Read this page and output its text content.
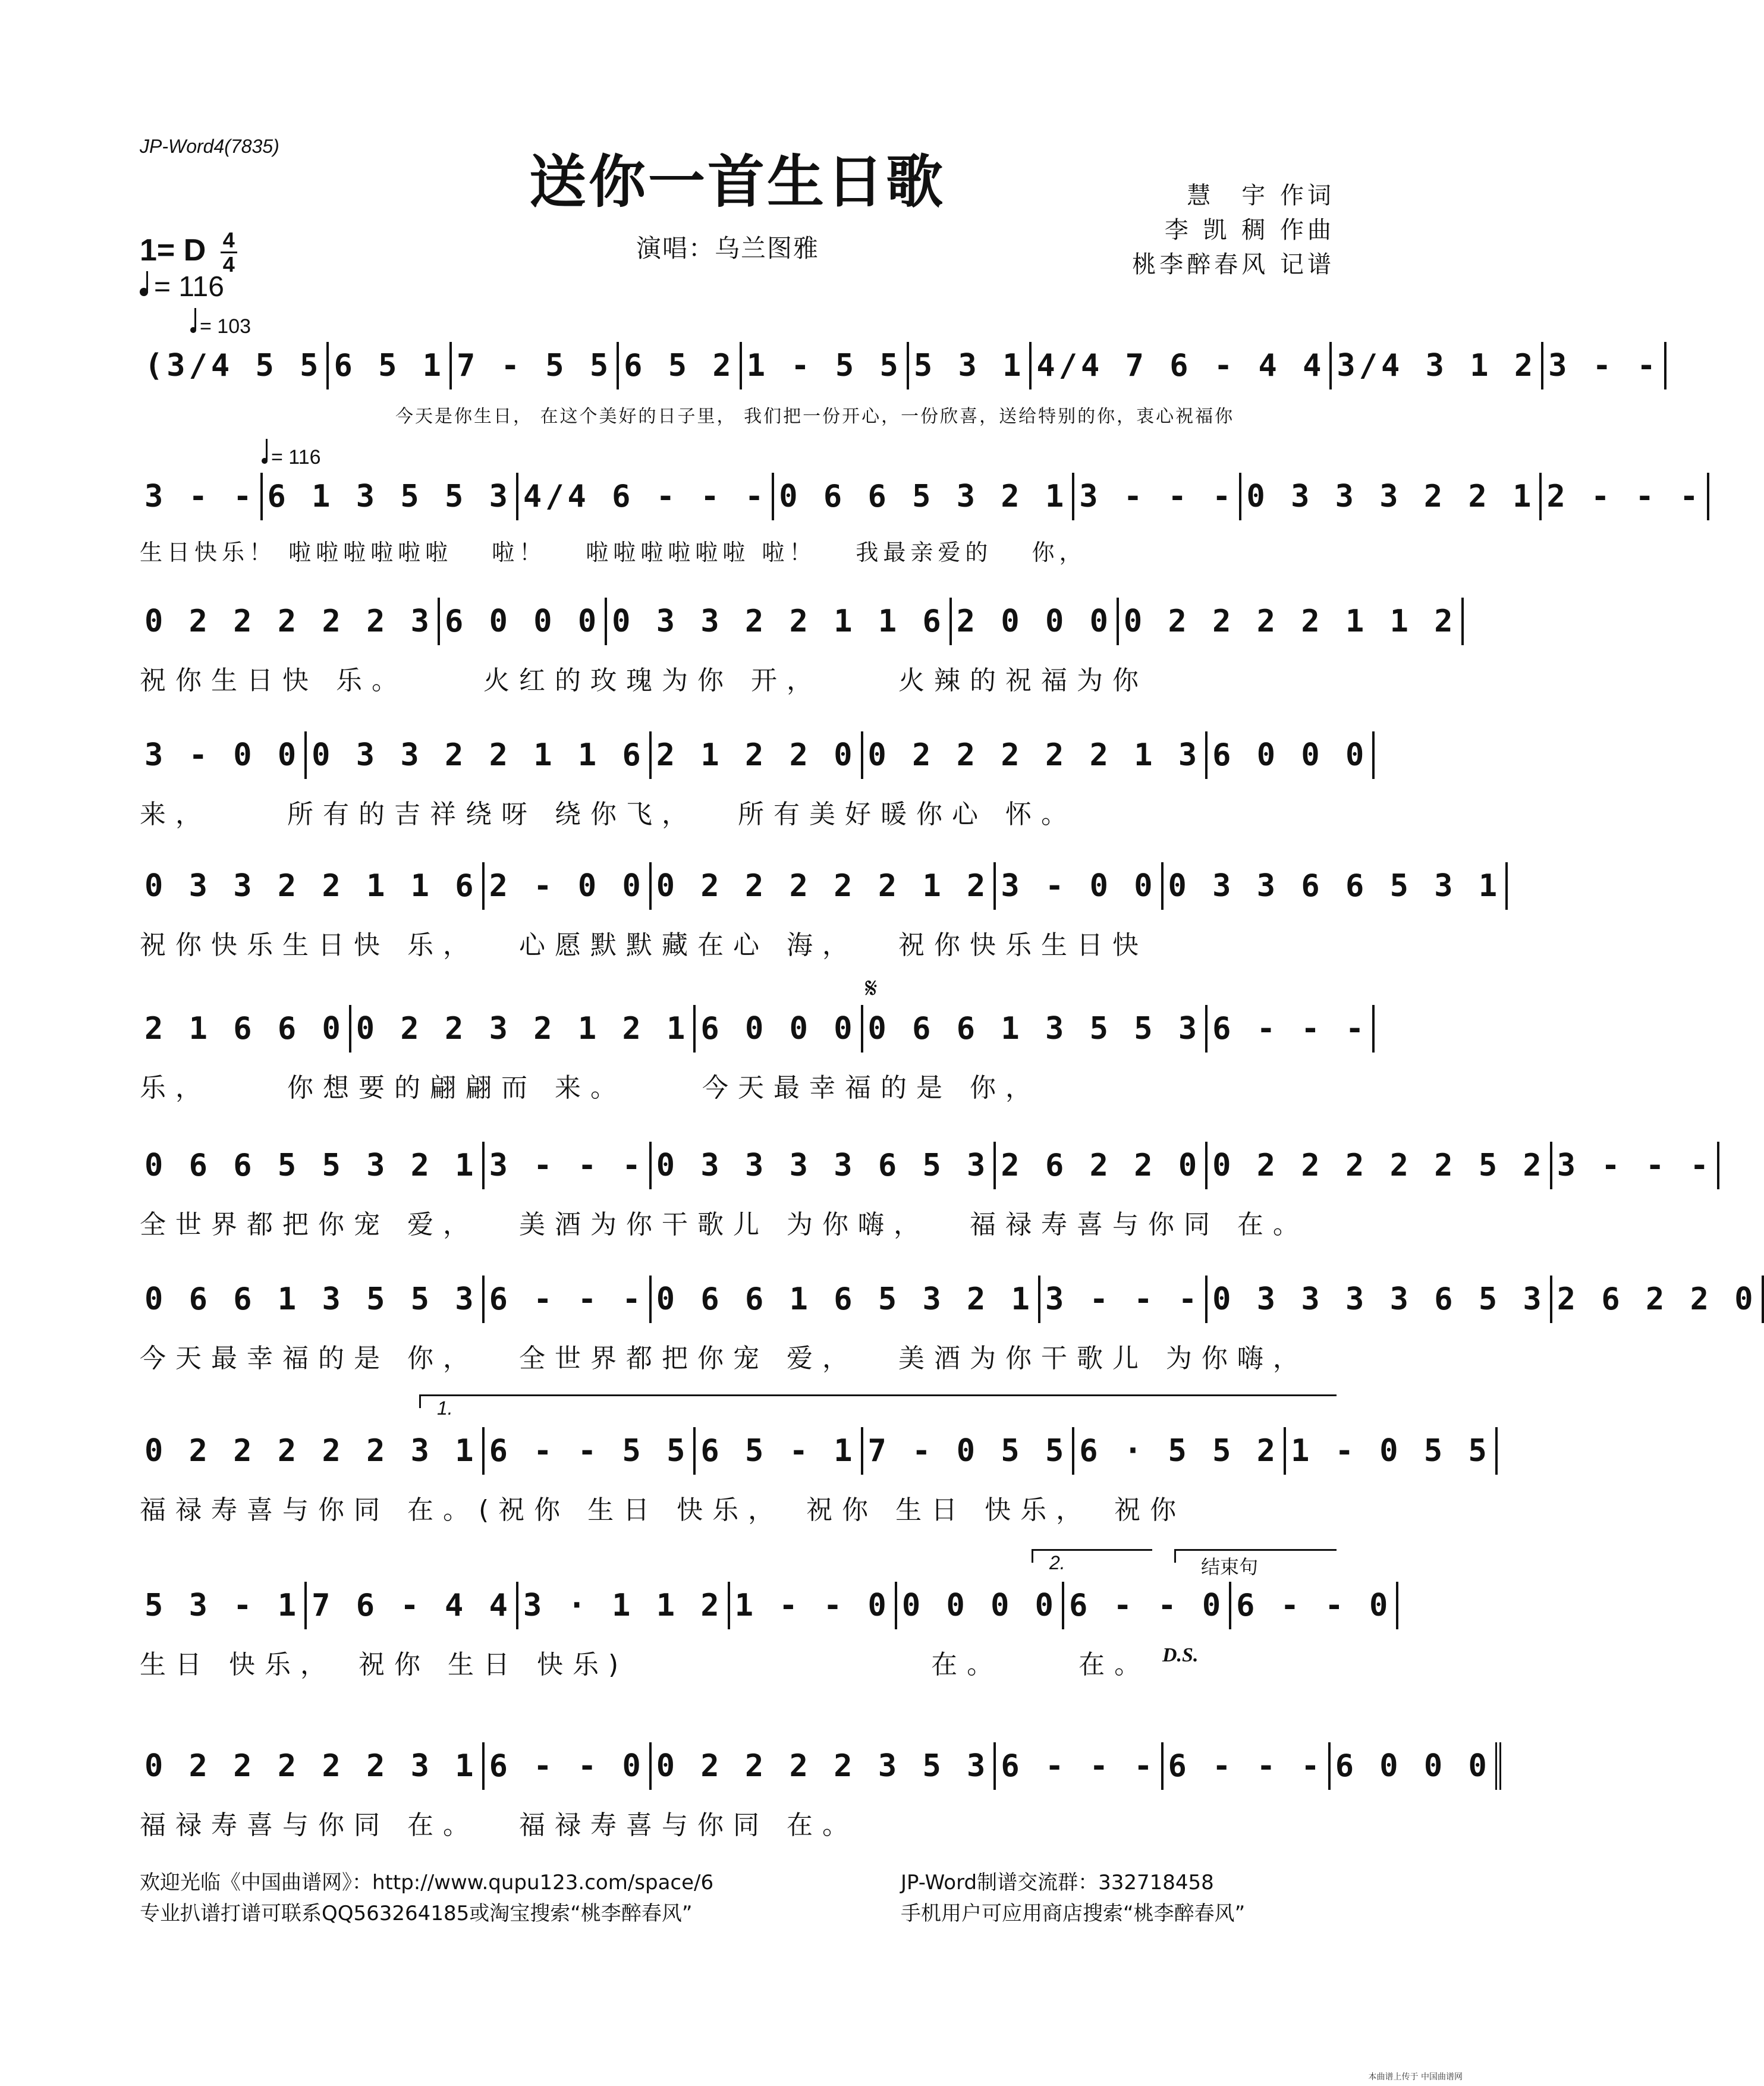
JP-Word4(7835)
送你一首生日歌	慧　宇 作词
李 凯 稠 作曲
桃李醉春风 记谱
演唱：乌兰图雅
1= D $\frac{4}{4}$
= 116
= 103
(3/4 5 5 6 5 1 7 - 5 5 6 5 2 1 - 5 5 5 3 1 4/4 7 6 - 4 4 3/4 3 1 2 3 - -
今天是你生日， 在这个美好的日子里， 我们把一份开心，一份欣喜，送给特别的你，衷心祝福你
= 116
3 - - 6 1 3 5 5 3 4/4 6 - - - 0 6 6 5 3 2 1 3 - - - 0 3 3 3 2 2 1 2 - - -
生日快乐！ 啦啦啦啦啦啦　 啦！　 啦啦啦啦啦啦 啦！　 我最亲爱的　 你，
0 2 2 2 2 2 3 6 0 0 0 0 3 3 2 2 1 1 6 2 0 0 0 0 2 2 2 2 1 1 2
祝你生日快 乐。　　 火红的玫瑰为你 开，　　 火辣的祝福为你
3 - 0 0 0 3 3 2 2 1 1 6 2 1 2 2 0 0 2 2 2 2 2 1 3 6 0 0 0
来，　　 所有的吉祥绕呀 绕你飞，　 所有美好暖你心 怀。
0 3 3 2 2 1 1 6 2 - 0 0 0 2 2 2 2 2 1 2 3 - 0 0 0 3 3 6 6 5 3 1
祝你快乐生日快 乐，　 心愿默默藏在心 海，　 祝你快乐生日快
𝄋
2 1 6 6 0 0 2 2 3 2 1 2 1 6 0 0 0 0 6 6 1 3 5 5 3 6 - - -
乐，　　 你想要的翩翩而 来。　　 今天最幸福的是 你，
0 6 6 5 5 3 2 1 3 - - - 0 3 3 3 3 6 5 3 2 6 2 2 0 0 2 2 2 2 2 5 2 3 - - -
全世界都把你宠 爱，　 美酒为你干歌儿 为你嗨，　 福禄寿喜与你同 在。
0 6 6 1 3 5 5 3 6 - - - 0 6 6 1 6 5 3 2 1 3 - - - 0 3 3 3 3 6 5 3 2 6 2 2 0
今天最幸福的是 你，　 全世界都把你宠 爱，　 美酒为你干歌儿 为你嗨，
1.
0 2 2 2 2 2 3 1 6 - - 5 5 6 5 - 1 7 - 0 5 5 6 · 5 5 2 1 - 0 5 5
福禄寿喜与你同 在。(祝你 生日 快乐，　祝你 生日 快乐，　祝你
2.	结束句
D.S.
5 3 - 1 7 6 - 4 4 3 · 1 1 2 1 - - 0 0 0 0 0 6 - - 0 6 - - 0
生日 快乐，　祝你 生日 快乐)　　　　　　　　 在。　　 在。
0 2 2 2 2 2 3 1 6 - - 0 0 2 2 2 2 3 5 3 6 - - - 6 - - - 6 0 0 0
福禄寿喜与你同 在。　 福禄寿喜与你同 在。
欢迎光临《中国曲谱网》：http://www.qupu123.com/space/6
专业扒谱打谱可联系QQ563264185或淘宝搜索“桃李醉春风”
JP-Word制谱交流群：332718458
手机用户可应用商店搜索“桃李醉春风”
本曲谱上传于 中国曲谱网
